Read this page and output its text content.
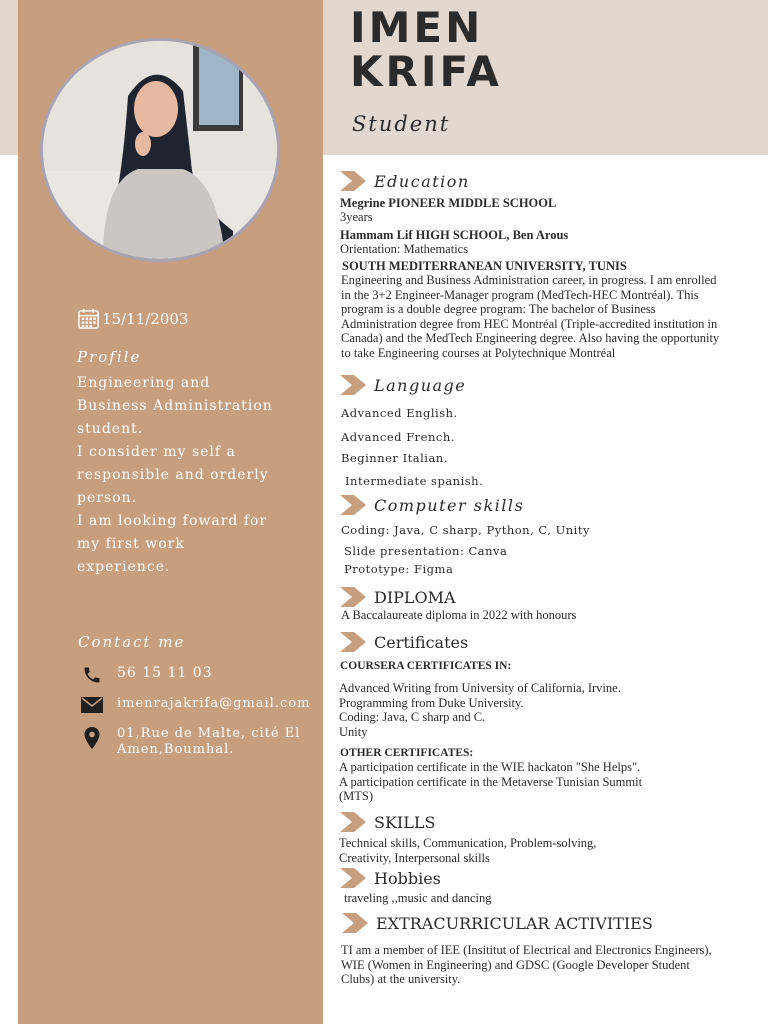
IMEN
KRIFA
Student
15/11/2003
Profile
Engineering and
Business Administration
student.
I consider my self a
responsible and orderly
person.
I am looking foward for
my first work
experience.
Contact me
56 15 11 03
imenrajakrifa@gmail.com
01,Rue de Malte, cité El
Amen,Boumhal.
Education
Megrine PIONEER MIDDLE SCHOOL
3years
Hammam Lif HIGH SCHOOL, Ben Arous
Orientation: Mathematics
SOUTH MEDITERRANEAN UNIVERSITY, TUNIS
Engineering and Business Administration career, in progress. I am enrolled
in the 3+2 Engineer-Manager program (MedTech-HEC Montréal). This
program is a double degree program: The bachelor of Business
Administration degree from HEC Montréal (Triple-accredited institution in
Canada) and the MedTech Engineering degree. Also having the opportunity
to take Engineering courses at Polytechnique Montréal
Language
Advanced English.
Advanced French.
Beginner Italian.
Intermediate spanish.
Computer skills
Coding: Java, C sharp, Python, C, Unity
Slide presentation: Canva
Prototype: Figma
DIPLOMA
A Baccalaureate diploma in 2022 with honours
Certificates
COURSERA CERTIFICATES IN:
Advanced Writing from University of California, Irvine.
Programming from Duke University.
Coding: Java, C sharp and C.
Unity
OTHER CERTIFICATES:
A participation certificate in the WIE hackaton "She Helps".
A participation certificate in the Metaverse Tunisian Summit
(MTS)
SKILLS
Technical skills, Communication, Problem-solving,
Creativity, Interpersonal skills
Hobbies
traveling ,,music and dancing
EXTRACURRICULAR ACTIVITIES
TI am a member of IEE (Insititut of Electrical and Electronics Engineers),
WIE (Women in Engineering) and GDSC (Google Developer Student
Clubs) at the university.
